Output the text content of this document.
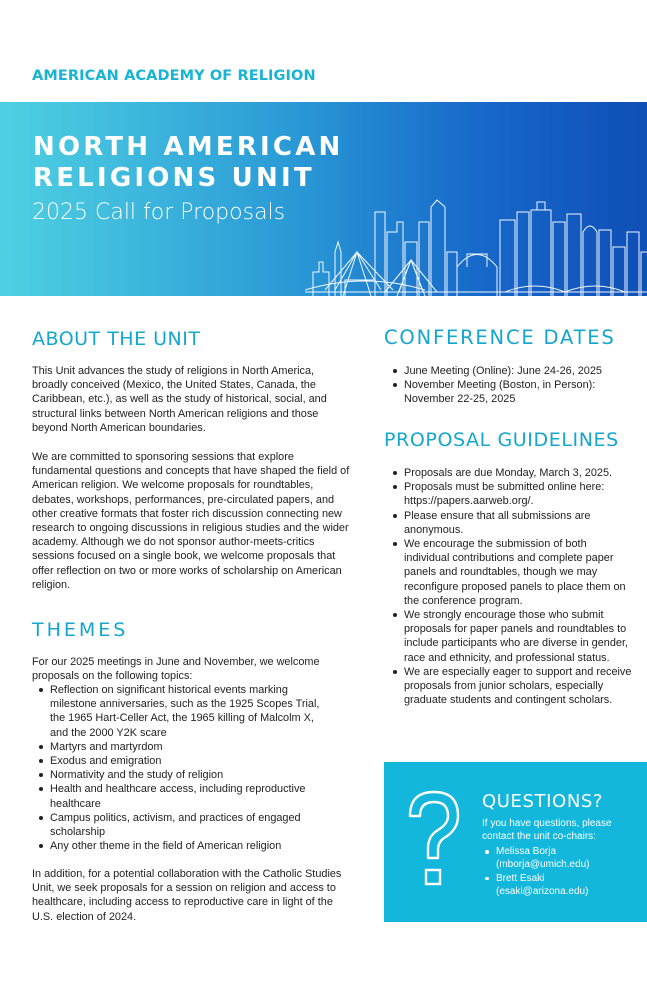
AMERICAN ACADEMY OF RELIGION
NORTH AMERICAN
RELIGIONS UNIT
2025 Call for Proposals
ABOUT THE UNIT

This Unit advances the study of religions in North America, broadly conceived (Mexico, the United States, Canada, the Caribbean, etc.), as well as the study of historical, social, and structural links between North American religions and those beyond North American boundaries.

We are committed to sponsoring sessions that explore fundamental questions and concepts that have shaped the field of American religion. We welcome proposals for roundtables, debates, workshops, performances, pre-circulated papers, and other creative formats that foster rich discussion connecting new research to ongoing discussions in religious studies and the wider academy. Although we do not sponsor author-meets-critics sessions focused on a single book, we welcome proposals that offer reflection on two or more works of scholarship on American religion.

THEMES

For our 2025 meetings in June and November, we welcome proposals on the following topics:

Reflection on significant historical events marking milestone anniversaries, such as the 1925 Scopes Trial, the 1965 Hart-Celler Act, the 1965 killing of Malcolm X, and the 2000 Y2K scare
Martyrs and martyrdom
Exodus and emigration
Normativity and the study of religion
Health and healthcare access, including reproductive healthcare
Campus politics, activism, and practices of engaged scholarship
Any other theme in the field of American religion

In addition, for a potential collaboration with the Catholic Studies Unit, we seek proposals for a session on religion and access to healthcare, including access to reproductive care in light of the U.S. election of 2024.

CONFERENCE DATES
June Meeting (Online): June 24-26, 2025
November Meeting (Boston, in Person): November 22-25, 2025
PROPOSAL GUIDELINES
Proposals are due Monday, March 3, 2025.
Proposals must be submitted online here: https://papers.aarweb.org/.
Please ensure that all submissions are anonymous.
We encourage the submission of both individual contributions and complete paper panels and roundtables, though we may reconfigure proposed panels to place them on the conference program.
We strongly encourage those who submit proposals for paper panels and roundtables to include participants who are diverse in gender, race and ethnicity, and professional status.
We are especially eager to support and receive proposals from junior scholars, especially graduate students and contingent scholars.
QUESTIONS?

If you have questions, please contact the unit co-chairs:

Melissa Borja (mborja@umich.edu)
Brett Esaki (esaki@arizona.edu)
